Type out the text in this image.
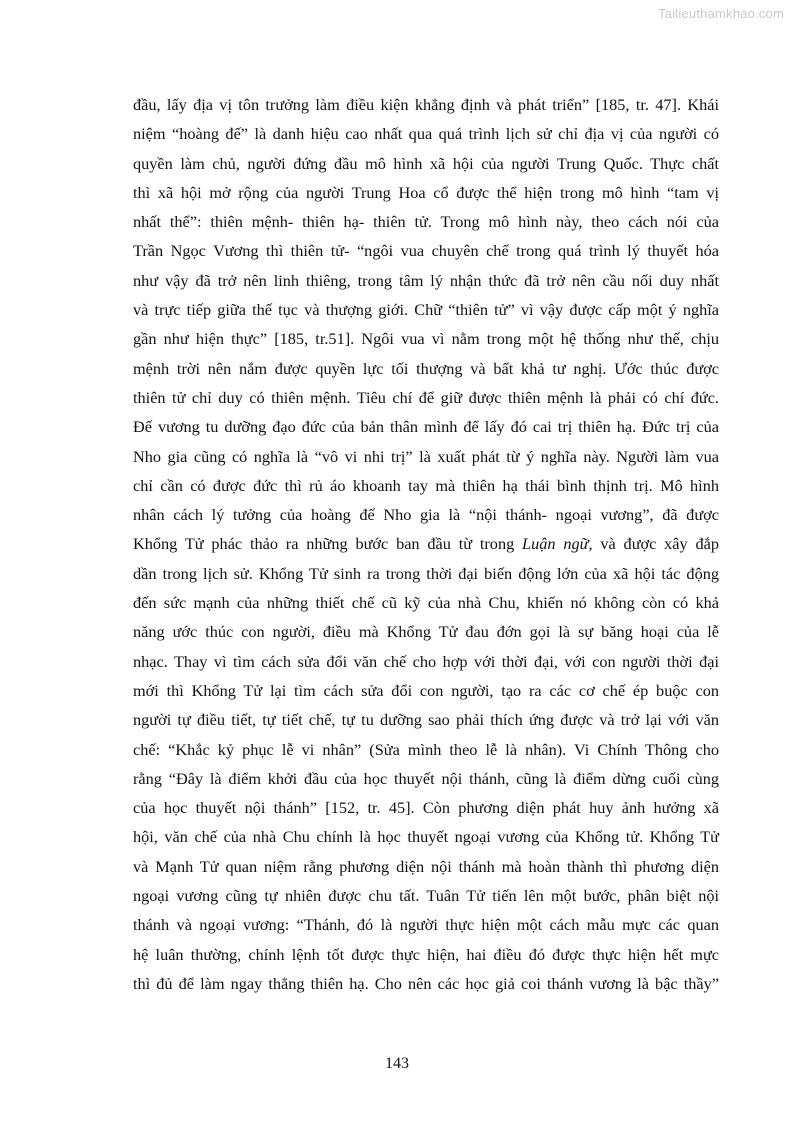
Tailieuthamkhao.com
đầu, lấy địa vị tôn trưởng làm điều kiện khẳng định và phát triển” [185, tr. 47]. Khái
niệm “hoàng đế” là danh hiệu cao nhất qua quá trình lịch sử chỉ địa vị của người có
quyền làm chủ, người đứng đầu mô hình xã hội của người Trung Quốc. Thực chất
thì xã hội mở rộng của người Trung Hoa cổ được thể hiện trong mô hình “tam vị
nhất thể”: thiên mệnh- thiên hạ- thiên tử. Trong mô hình này, theo cách nói của
Trần Ngọc Vương thì thiên tử- “ngôi vua chuyên chế trong quá trình lý thuyết hóa
như vậy đã trở nên linh thiêng, trong tâm lý nhận thức đã trở nên cầu nối duy nhất
và trực tiếp giữa thế tục và thượng giới. Chữ “thiên tử” vì vậy được cấp một ý nghĩa
gần như hiện thực” [185, tr.51]. Ngôi vua vì nằm trong một hệ thống như thế, chịu
mệnh trời nên nắm được quyền lực tối thượng và bất khả tư nghị. Ước thúc được
thiên tử chỉ duy có thiên mệnh. Tiêu chí để giữ được thiên mệnh là phải có chí đức.
Đế vương tu dưỡng đạo đức của bản thân mình để lấy đó cai trị thiên hạ. Đức trị của
Nho gia cũng có nghĩa là “vô vi nhi trị” là xuất phát từ ý nghĩa này. Người làm vua
chỉ cần có được đức thì rủ áo khoanh tay mà thiên hạ thái bình thịnh trị. Mô hình
nhân cách lý tưởng của hoàng đế Nho gia là “nội thánh- ngoại vương”, đã được
Khổng Tử phác thảo ra những bước ban đầu từ trong Luận ngữ, và được xây đắp
dần trong lịch sử. Khổng Tử sinh ra trong thời đại biến động lớn của xã hội tác động
đến sức mạnh của những thiết chế cũ kỹ của nhà Chu, khiến nó không còn có khả
năng ước thúc con người, điều mà Khổng Tử đau đớn gọi là sự băng hoại của lễ
nhạc. Thay vì tìm cách sửa đổi văn chế cho hợp với thời đại, với con người thời đại
mới thì Khổng Tử lại tìm cách sửa đổi con người, tạo ra các cơ chế ép buộc con
người tự điều tiết, tự tiết chế, tự tu dưỡng sao phải thích ứng được và trở lại với văn
chế: “Khắc kỷ phục lễ vi nhân” (Sửa mình theo lễ là nhân). Vi Chính Thông cho
rằng “Đây là điểm khởi đầu của học thuyết nội thánh, cũng là điểm dừng cuối cùng
của học thuyết nội thánh” [152, tr. 45]. Còn phương diện phát huy ảnh hưởng xã
hội, văn chế của nhà Chu chính là học thuyết ngoại vương của Khổng tử. Khổng Tử
và Mạnh Tử quan niệm rằng phương diện nội thánh mà hoàn thành thì phương diện
ngoại vương cũng tự nhiên được chu tất. Tuân Tử tiến lên một bước, phân biệt nội
thánh và ngoại vương: “Thánh, đó là người thực hiện một cách mẫu mực các quan
hệ luân thường, chính lệnh tốt được thực hiện, hai điều đó được thực hiện hết mực
thì đủ để làm ngay thẳng thiên hạ. Cho nên các học giả coi thánh vương là bậc thầy”
143
